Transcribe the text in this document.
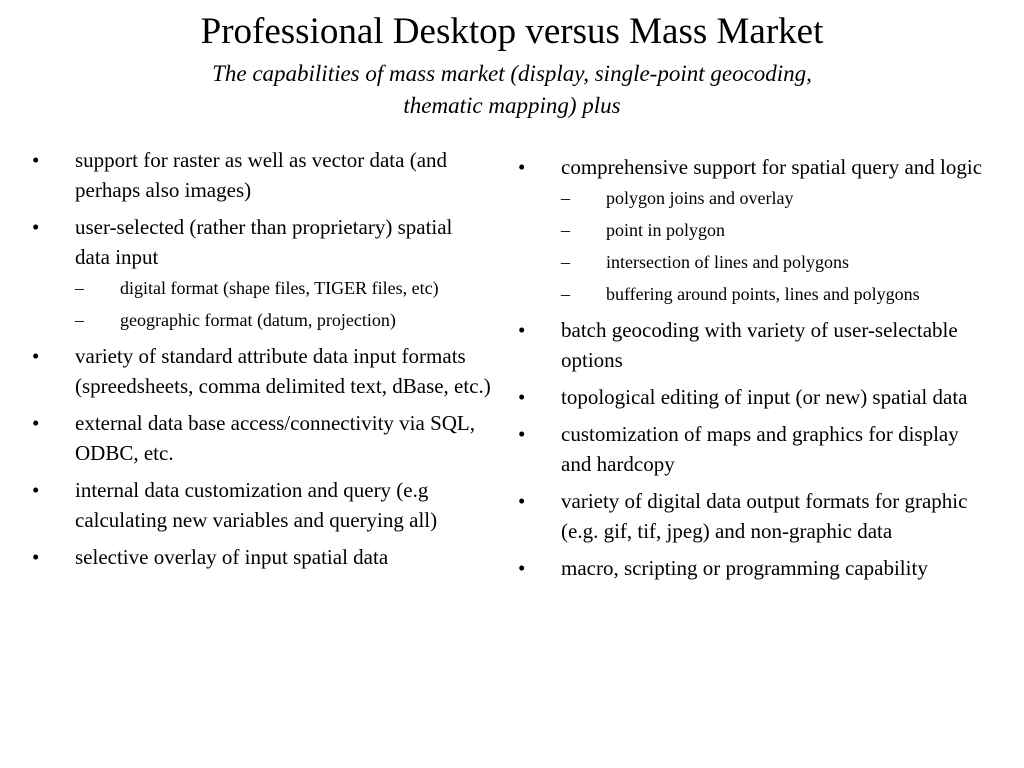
Professional Desktop versus Mass Market
The capabilities of mass market (display, single-point geocoding,
thematic mapping) plus
• support for raster as well as vector data (and perhaps also images)
• user-selected (rather than proprietary) spatial data input
– digital format (shape files, TIGER files, etc)
– geographic format (datum, projection)
• variety of standard attribute data input formats (spreedsheets, comma delimited text, dBase, etc.)
• external data base access/connectivity via SQL, ODBC, etc.
• internal data customization and query (e.g calculating new variables and querying all)
• selective overlay of input spatial data
• comprehensive support for spatial query and logic
– polygon joins and overlay
– point in polygon
– intersection of lines and polygons
– buffering around points, lines and polygons
• batch geocoding with variety of user-selectable options
• topological editing of input (or new) spatial data
• customization of maps and graphics for display and hardcopy
• variety of digital data output formats for graphic (e.g. gif, tif, jpeg) and non-graphic data
• macro, scripting or programming capability
